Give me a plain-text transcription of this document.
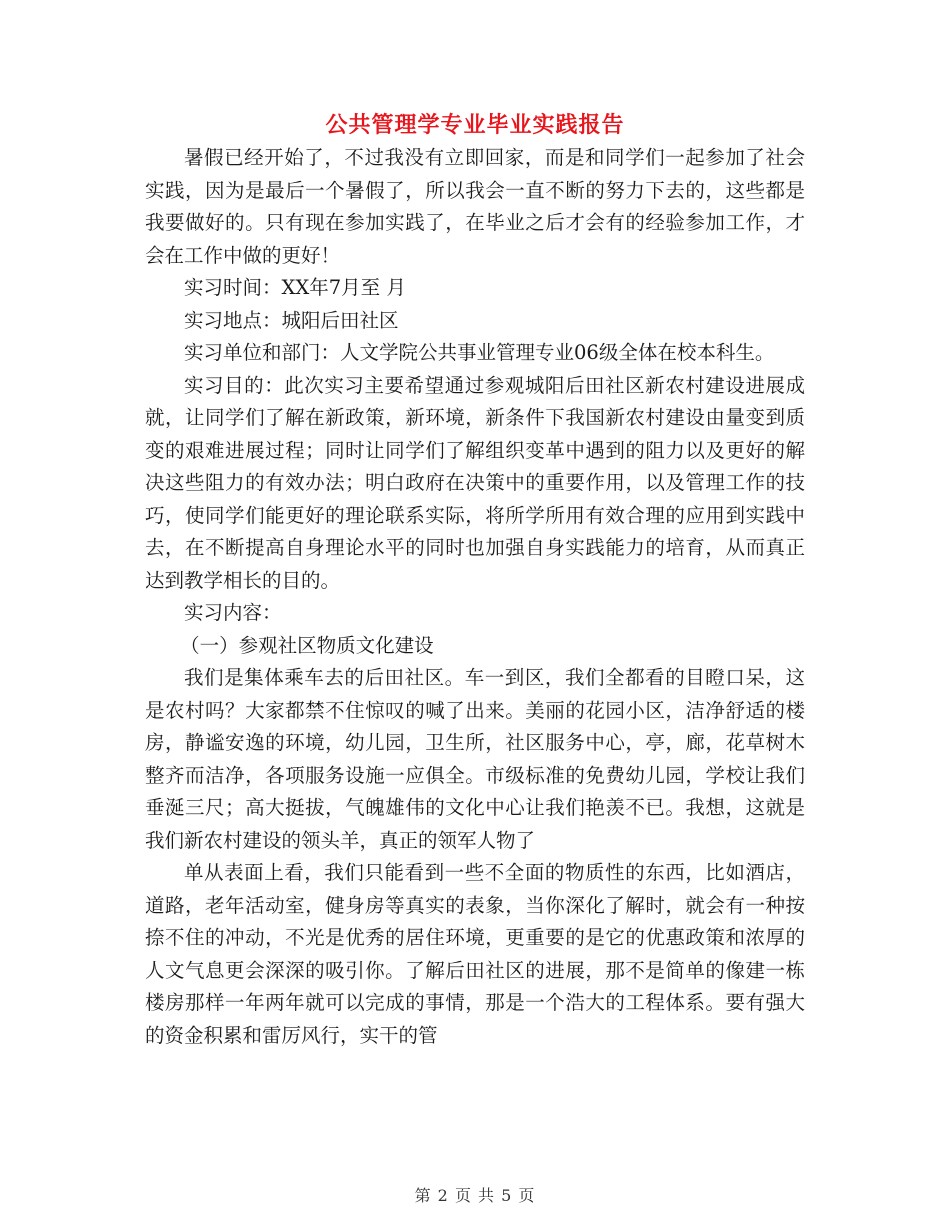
公共管理学专业毕业实践报告

暑假已经开始了，不过我没有立即回家，而是和同学们一起参加了社会实践，因为是最后一个暑假了，所以我会一直不断的努力下去的，这些都是我要做好的。只有现在参加实践了，在毕业之后才会有的经验参加工作，才会在工作中做的更好！

实习时间：XX年7月至 月

实习地点：城阳后田社区

实习单位和部门：人文学院公共事业管理专业06级全体在校本科生。

实习目的：此次实习主要希望通过参观城阳后田社区新农村建设进展成就，让同学们了解在新政策，新环境，新条件下我国新农村建设由量变到质变的艰难进展过程；同时让同学们了解组织变革中遇到的阻力以及更好的解决这些阻力的有效办法；明白政府在决策中的重要作用，以及管理工作的技巧，使同学们能更好的理论联系实际，将所学所用有效合理的应用到实践中去，在不断提高自身理论水平的同时也加强自身实践能力的培育，从而真正达到教学相长的目的。

实习内容：

（一）参观社区物质文化建设

我们是集体乘车去的后田社区。车一到区，我们全都看的目瞪口呆，这是农村吗？大家都禁不住惊叹的喊了出来。美丽的花园小区，洁净舒适的楼房，静谧安逸的环境，幼儿园，卫生所，社区服务中心，亭，廊，花草树木整齐而洁净，各项服务设施一应俱全。市级标准的免费幼儿园，学校让我们垂涎三尺；高大挺拔，气魄雄伟的文化中心让我们艳羡不已。我想，这就是我们新农村建设的领头羊，真正的领军人物了

单从表面上看，我们只能看到一些不全面的物质性的东西，比如酒店，道路，老年活动室，健身房等真实的表象，当你深化了解时，就会有一种按捺不住的冲动，不光是优秀的居住环境，更重要的是它的优惠政策和浓厚的人文气息更会深深的吸引你。了解后田社区的进展，那不是简单的像建一栋楼房那样一年两年就可以完成的事情，那是一个浩大的工程体系。要有强大的资金积累和雷厉风行，实干的管

第 2 页 共 5 页
